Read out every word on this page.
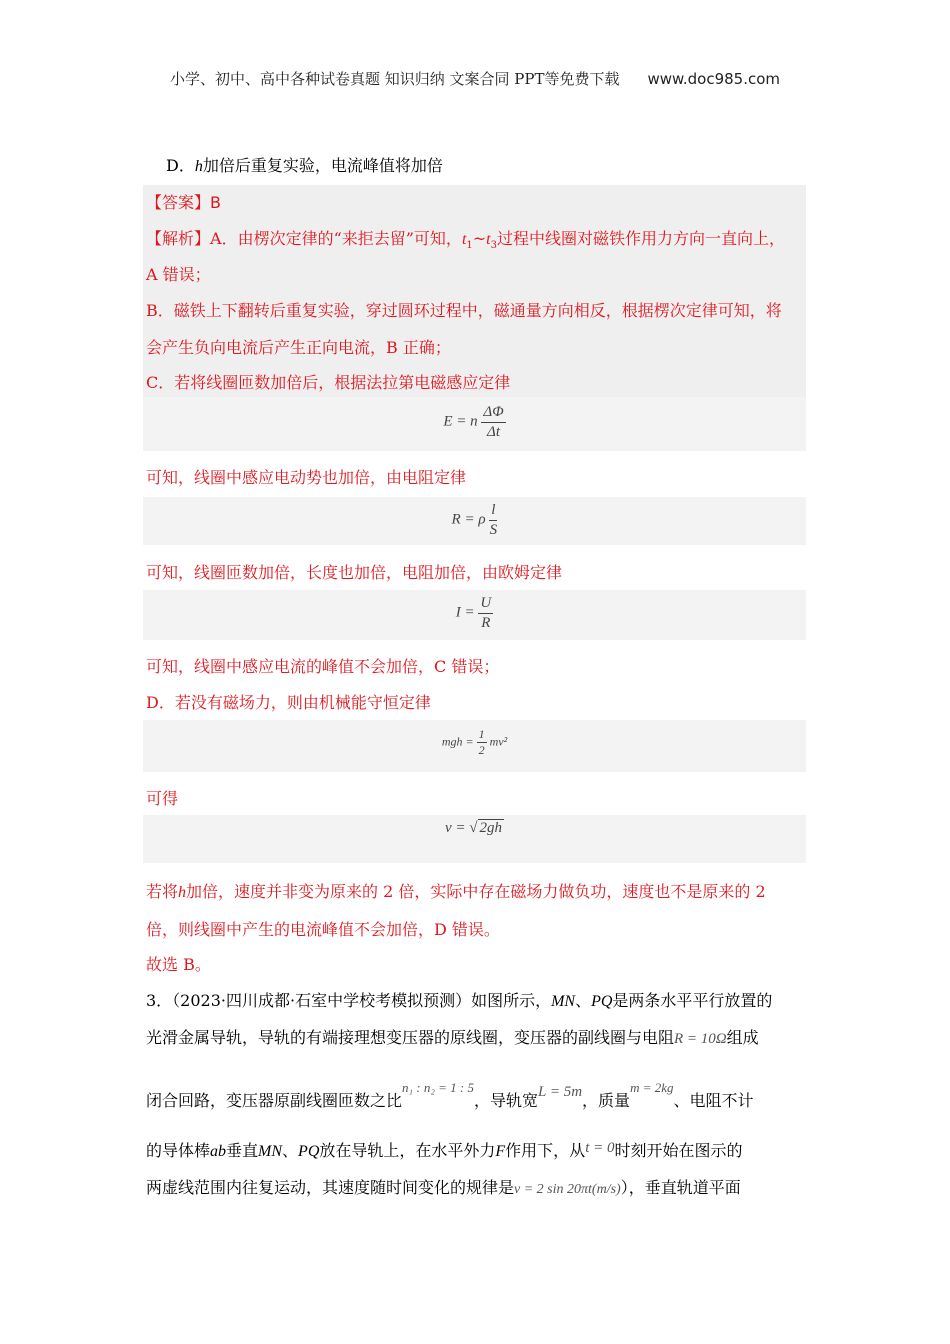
小学、初中、高中各种试卷真题 知识归纳 文案合同 PPT等免费下载 www.doc985.com
D．h加倍后重复实验，电流峰值将加倍
【答案】B
【解析】A．由楞次定律的“来拒去留”可知，$t_1\sim t_3$过程中线圈对磁铁作用力方向一直向上，
A 错误；
B．磁铁上下翻转后重复实验，穿过圆环过程中，磁通量方向相反，根据楞次定律可知，将
会产生负向电流后产生正向电流，B 正确；
C．若将线圈匝数加倍后，根据法拉第电磁感应定律
E = n $\frac{\Delta\Phi}{\Delta t}$
可知，线圈中感应电动势也加倍，由电阻定律
R = ρ $\frac{l}{S}$
可知，线圈匝数加倍，长度也加倍，电阻加倍，由欧姆定律
$I = \frac{U}{R}$
可知，线圈中感应电流的峰值不会加倍，C 错误；
D．若没有磁场力，则由机械能守恒定律
mgh = $\frac{1}{2} mv^2$
可得
v = √ 2gh
若将h加倍，速度并非变为原来的 2 倍，实际中存在磁场力做负功，速度也不是原来的 2
倍，则线圈中产生的电流峰值不会加倍，D 错误。
故选 B。
3．（2023·四川成都·石室中学校考模拟预测）如图所示，MN、PQ是两条水平平行放置的
光滑金属导轨，导轨的有端接理想变压器的原线圈，变压器的副线圈与电阻R = 10Ω组成
闭合回路，变压器原副线圈匝数之比$^{n_1 : n_2 = 1 : 5}$，导轨宽L = 5m，质量$^{m = 2kg}$、电阻不计
的导体棒ab垂直MN、PQ放在导轨上，在水平外力F作用下，从t = 0时刻开始在图示的
两虚线范围内往复运动，其速度随时间变化的规律是v = 2 sin 20πt(m/s)），垂直轨道平面
